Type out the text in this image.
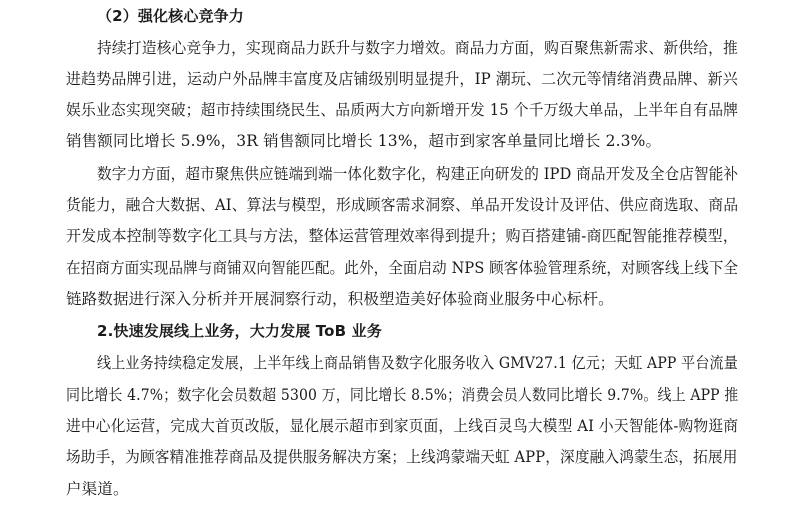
（2）强化核心竞争力
持续打造核心竞争力，实现商品力跃升与数字力增效。商品力方面，购百聚焦新需求、新供给，推
进趋势品牌引进，运动户外品牌丰富度及店铺级别明显提升，IP 潮玩、二次元等情绪消费品牌、新兴
娱乐业态实现突破；超市持续围绕民生、品质两大方向新增开发 15 个千万级大单品，上半年自有品牌
销售额同比增长 5.9%，3R 销售额同比增长 13%，超市到家客单量同比增长 2.3%。
数字力方面，超市聚焦供应链端到端一体化数字化，构建正向研发的 IPD 商品开发及全仓店智能补
货能力，融合大数据、AI、算法与模型，形成顾客需求洞察、单品开发设计及评估、供应商选取、商品
开发成本控制等数字化工具与方法，整体运营管理效率得到提升；购百搭建铺-商匹配智能推荐模型，
在招商方面实现品牌与商铺双向智能匹配。此外，全面启动 NPS 顾客体验管理系统，对顾客线上线下全
链路数据进行深入分析并开展洞察行动，积极塑造美好体验商业服务中心标杆。
2.快速发展线上业务，大力发展 ToB 业务
线上业务持续稳定发展，上半年线上商品销售及数字化服务收入 GMV27.1 亿元；天虹 APP 平台流量
同比增长 4.7%；数字化会员数超 5300 万，同比增长 8.5%；消费会员人数同比增长 9.7%。线上 APP 推
进中心化运营，完成大首页改版，显化展示超市到家页面，上线百灵鸟大模型 AI 小天智能体-购物逛商
场助手，为顾客精准推荐商品及提供服务解决方案；上线鸿蒙端天虹 APP，深度融入鸿蒙生态，拓展用
户渠道。
